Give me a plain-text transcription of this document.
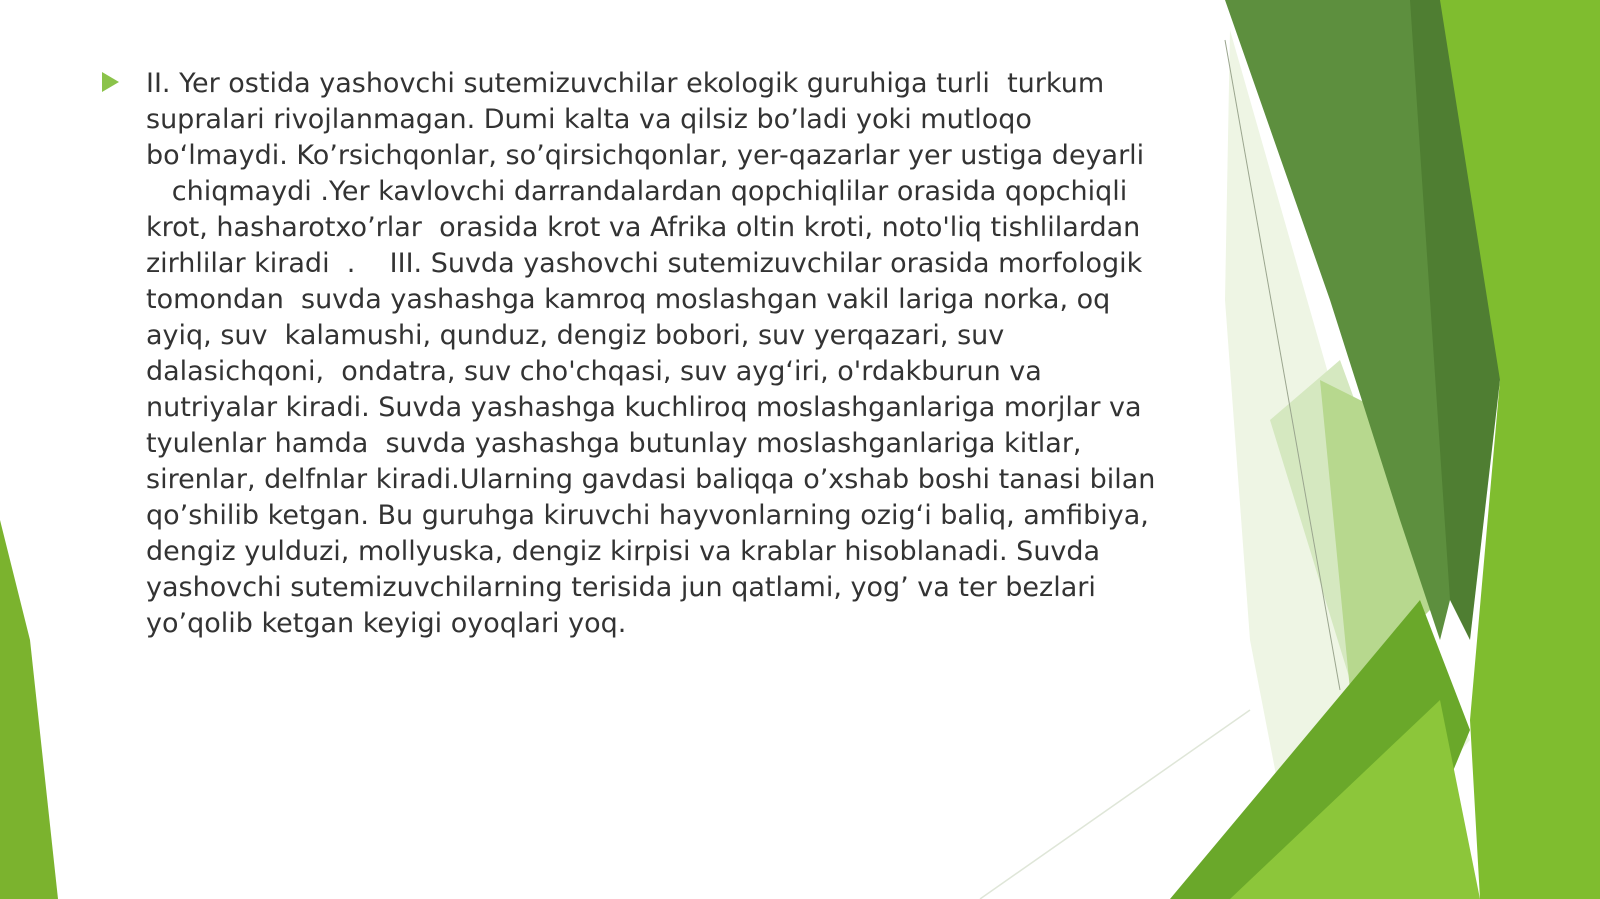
II. Yer ostida yashovchi sutemizuvchilar ekologik guruhiga turli  turkum
supralari rivojlanmagan. Dumi kalta va qilsiz bo’ladi yoki mutloqo
bo‘lmaydi. Ko’rsichqonlar, so’qirsichqonlar, yer-qazarlar yer ustiga deyarli
chiqmaydi .Yer kavlovchi darrandalardan qopchiqlilar orasida qopchiqli
krot, hasharotxo’rlar  orasida krot va Afrika oltin kroti, noto'liq tishlilardan
zirhlilar kiradi  .    III. Suvda yashovchi sutemizuvchilar orasida morfologik
tomondan  suvda yashashga kamroq moslashgan vakil lariga norka, oq
ayiq, suv  kalamushi, qunduz, dengiz bobori, suv yerqazari, suv
dalasichqoni,  ondatra, suv cho'chqasi, suv ayg‘iri, o'rdakburun va
nutriyalar kiradi. Suvda yashashga kuchliroq moslashganlariga morjlar va
tyulenlar hamda  suvda yashashga butunlay moslashganlariga kitlar,
sirenlar, delfnlar kiradi.Ularning gavdasi baliqqa o’xshab boshi tanasi bilan
qo’shilib ketgan. Bu guruhga kiruvchi hayvonlarning ozig‘i baliq, amfibiya,
dengiz yulduzi, mollyuska, dengiz kirpisi va krablar hisoblanadi. Suvda
yashovchi sutemizuvchilarning terisida jun qatlami, yog’ va ter bezlari
yo’qolib ketgan keyigi oyoqlari yoq.
